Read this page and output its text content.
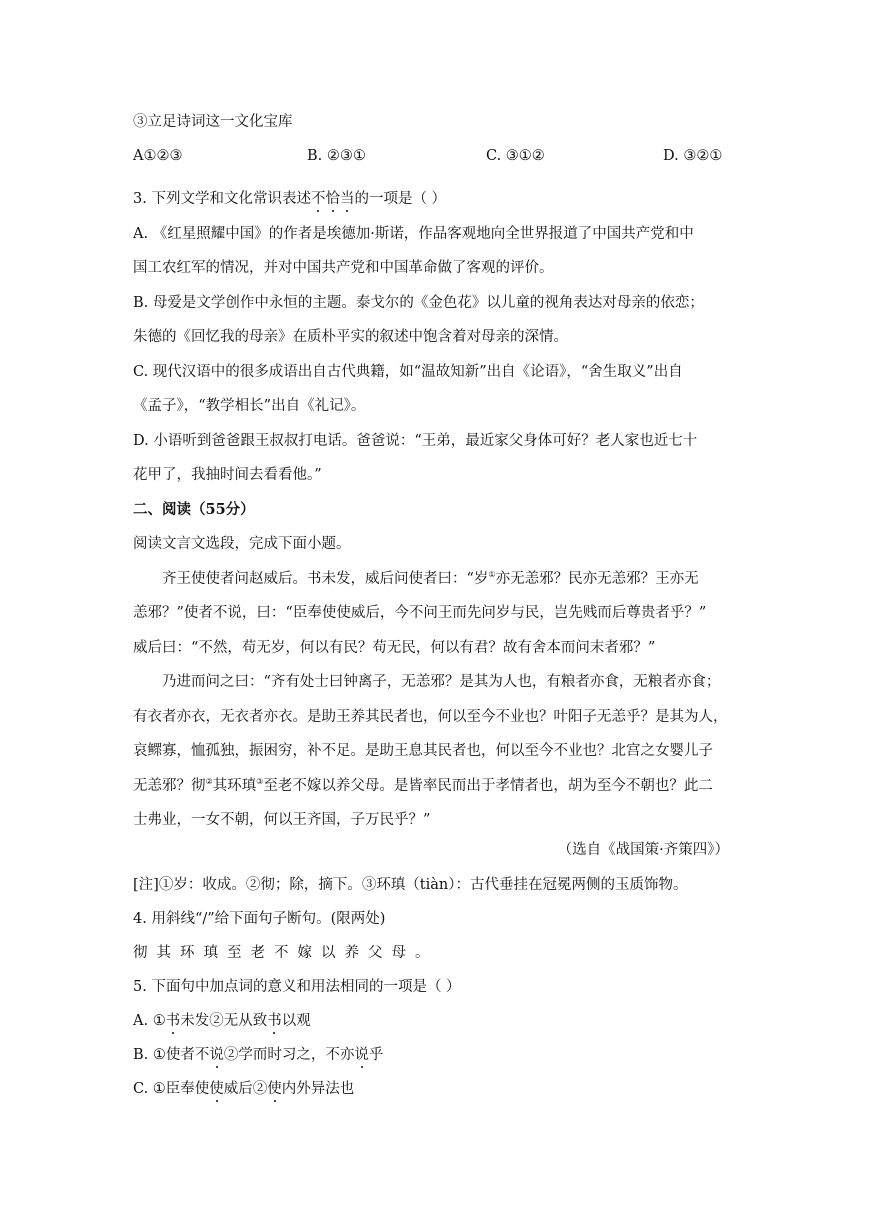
③立足诗词这一文化宝库
A①②③	B. ②③①	C. ③①②	D. ③②①
3. 下列文学和文化常识表述不恰当的一项是（ ）
A. 《红星照耀中国》的作者是埃德加·斯诺，作品客观地向全世界报道了中国共产党和中
国工农红军的情况，并对中国共产党和中国革命做了客观的评价。
B. 母爱是文学创作中永恒的主题。泰戈尔的《金色花》以儿童的视角表达对母亲的依恋；
朱德的《回忆我的母亲》在质朴平实的叙述中饱含着对母亲的深情。
C. 现代汉语中的很多成语出自古代典籍，如“温故知新”出自《论语》，“舍生取义”出自
《孟子》，“教学相长”出自《礼记》。
D. 小语听到爸爸跟王叔叔打电话。爸爸说：“王弟，最近家父身体可好？老人家也近七十
花甲了，我抽时间去看看他。”
二、阅读（55分）
阅读文言文选段，完成下面小题。
齐王使使者问赵威后。书未发，威后问使者曰：“岁①亦无恙邪？民亦无恙邪？王亦无
恙邪？”使者不说，曰：“臣奉使使威后，今不问王而先问岁与民，岂先贱而后尊贵者乎？”
威后曰：“不然，苟无岁，何以有民？苟无民，何以有君？故有舍本而问末者邪？”
乃进而问之曰：“齐有处士曰钟离子，无恙邪？是其为人也，有粮者亦食，无粮者亦食；
有衣者亦衣，无衣者亦衣。是助王养其民者也，何以至今不业也？叶阳子无恙乎？是其为人，
哀鳏寡，恤孤独，振困穷，补不足。是助王息其民者也，何以至今不业也？北宫之女婴儿子
无恙邪？彻②其环瑱③至老不嫁以养父母。是皆率民而出于孝情者也，胡为至今不朝也？此二
士弗业，一女不朝，何以王齐国，子万民乎？”
（选自《战国策·齐策四》）
[注]①岁：收成。②彻；除，摘下。③环瑱（tiàn）：古代垂挂在冠冕两侧的玉质饰物。
4. 用斜线“/”给下面句子断句。(限两处)
彻其环瑱至老不嫁以养父母。
5. 下面句中加点词的意义和用法相同的一项是（ ）
A. ①书未发②无从致书以观
B. ①使者不说②学而时习之，不亦说乎
C. ①臣奉使使威后②使内外异法也
